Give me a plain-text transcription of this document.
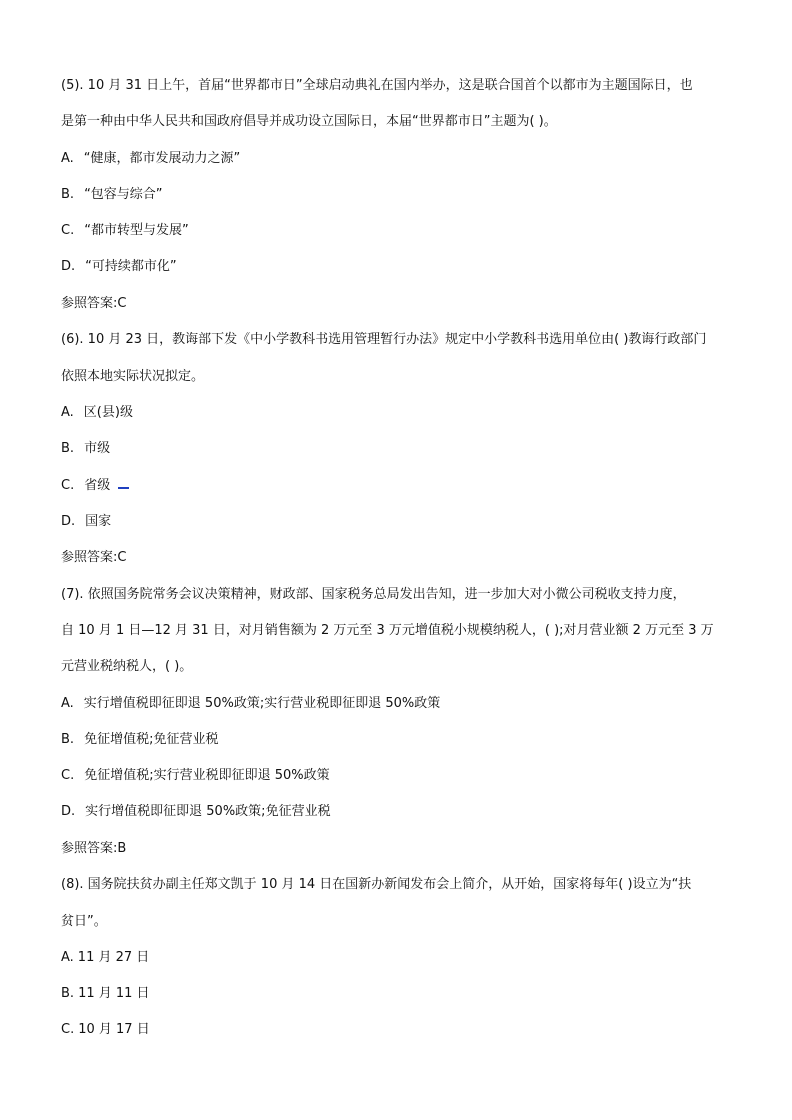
(5). 10 月 31 日上午，首届“世界都市日”全球启动典礼在国内举办，这是联合国首个以都市为主题国际日，也
是第一种由中华人民共和国政府倡导并成功设立国际日，本届“世界都市日”主题为( )。
A. “健康，都市发展动力之源”
B. “包容与综合”
C. “都市转型与发展”
D. “可持续都市化”
参照答案:C
(6). 10 月 23 日，教诲部下发《中小学教科书选用管理暂行办法》规定中小学教科书选用单位由( )教诲行政部门
依照本地实际状况拟定。
A. 区(县)级
B. 市级
C. 省级
D. 国家
参照答案:C
(7). 依照国务院常务会议决策精神，财政部、国家税务总局发出告知，进一步加大对小微公司税收支持力度，
自 10 月 1 日—12 月 31 日，对月销售额为 2 万元至 3 万元增值税小规模纳税人，( );对月营业额 2 万元至 3 万
元营业税纳税人，( )。
A. 实行增值税即征即退 50%政策;实行营业税即征即退 50%政策
B. 免征增值税;免征营业税
C. 免征增值税;实行营业税即征即退 50%政策
D. 实行增值税即征即退 50%政策;免征营业税
参照答案:B
(8). 国务院扶贫办副主任郑文凯于 10 月 14 日在国新办新闻发布会上简介，从开始，国家将每年( )设立为“扶
贫日”。
A. 11 月 27 日
B. 11 月 11 日
C. 10 月 17 日
